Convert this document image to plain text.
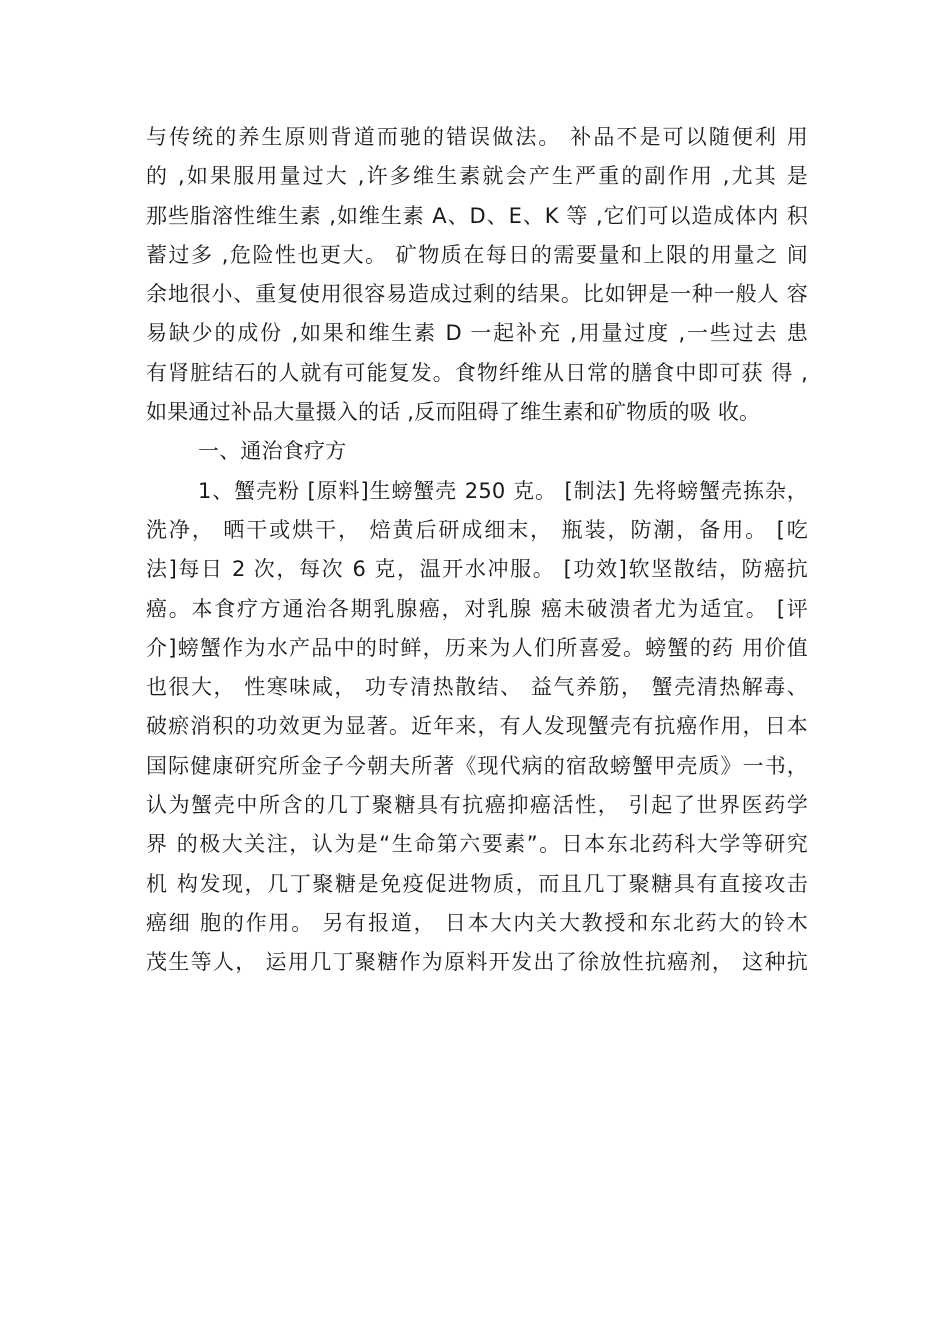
与传统的养生原则背道而驰的错误做法。 补品不是可以随便利 用
的 ,如果服用量过大 ,许多维生素就会产生严重的副作用 ,尤其 是
那些脂溶性维生素 ,如维生素 A、D、E、K 等 ,它们可以造成体内 积
蓄过多 ,危险性也更大。 矿物质在每日的需要量和上限的用量之 间
余地很小、重复使用很容易造成过剩的结果。比如钾是一种一般人 容
易缺少的成份 ,如果和维生素 D 一起补充 ,用量过度 ,一些过去 患
有肾脏结石的人就有可能复发。食物纤维从日常的膳食中即可获 得 ,
如果通过补品大量摄入的话 ,反而阻碍了维生素和矿物质的吸 收。
一、通治食疗方
1、蟹壳粉 [原料]生螃蟹壳 250 克。 [制法] 先将螃蟹壳拣杂，
洗净， 晒干或烘干， 焙黄后研成细末， 瓶装，防潮，备用。 [吃
法]每日 2 次，每次 6 克，温开水冲服。 [功效]软坚散结，防癌抗
癌。本食疗方通治各期乳腺癌，对乳腺 癌未破溃者尤为适宜。 [评
介]螃蟹作为水产品中的时鲜，历来为人们所喜爱。螃蟹的药 用价值
也很大， 性寒味咸， 功专清热散结、 益气养筋， 蟹壳清热解毒、
破瘀消积的功效更为显著。近年来，有人发现蟹壳有抗癌作用，日本
国际健康研究所金子今朝夫所著《现代病的宿敌螃蟹甲壳质》一书，
认为蟹壳中所含的几丁聚糖具有抗癌抑癌活性， 引起了世界医药学
界 的极大关注，认为是“生命第六要素”。日本东北药科大学等研究
机 构发现，几丁聚糖是免疫促进物质，而且几丁聚糖具有直接攻击
癌细 胞的作用。 另有报道， 日本大内关大教授和东北药大的铃木
茂生等人， 运用几丁聚糖作为原料开发出了徐放性抗癌剂， 这种抗
